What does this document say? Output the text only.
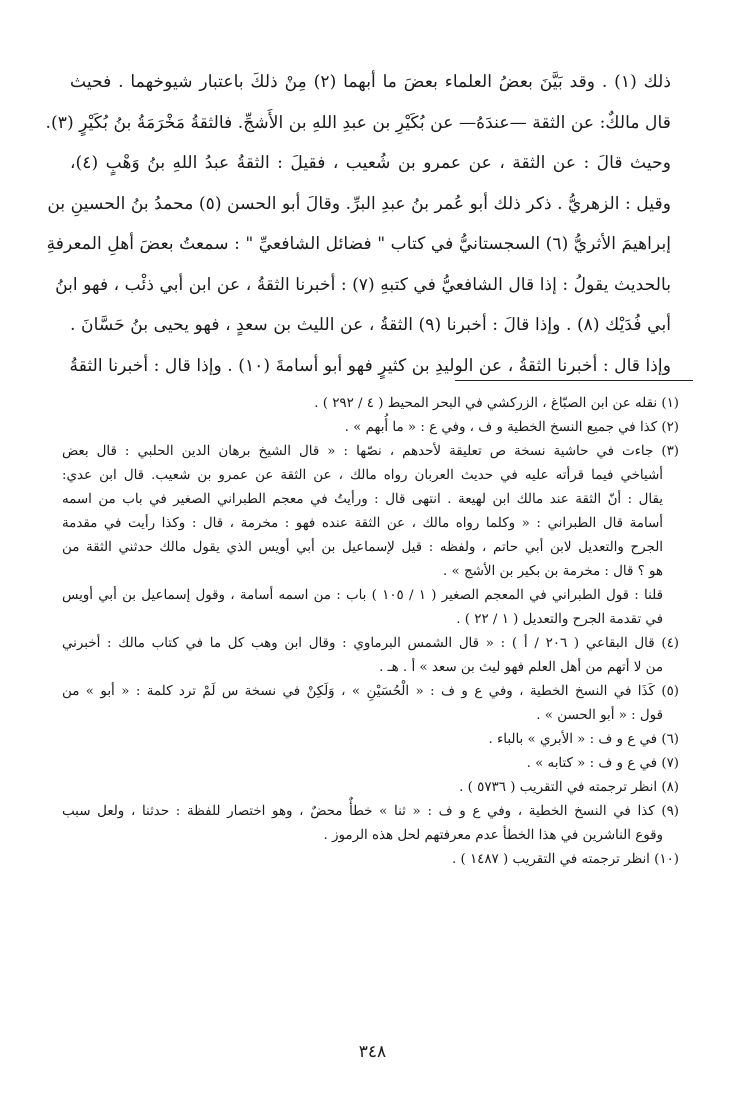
ذلك (١) . وقد بَيَّنَ بعضُ العلماء بعضَ ما أبهما (٢) مِنْ ذلكَ باعتبار شيوخهما . فحيث
قال مالكٌ: عن الثقة —عندَهُ— عن بُكَيْرِ بن عبدِ اللهِ بن الأَشجِّ. فالثقةُ مَخْرَمَةُ بنُ بُكَيْرٍ (٣).
وحيث قالَ : عن الثقة ، عن عمرو بن شُعيب ، فقيلَ : الثقةُ عبدُ اللهِ بنُ وَهْبٍ (٤)،
وقيل : الزهريُّ . ذكر ذلك أبو عُمر بنُ عبدِ البرِّ. وقالَ أبو الحسن (٥) محمدُ بنُ الحسينِ بن
إبراهيمَ الأثريُّ (٦) السجستانيُّ في كتاب " فضائل الشافعيِّ " : سمعتُ بعضَ أهلِ المعرفةِ
بالحديث يقولُ : إذا قال الشافعيُّ في كتبهِ (٧) : أخبرنا الثقةُ ، عن ابن أبي ذئْب ، فهو ابنُ
أبي فُدَيْك (٨) . وإذا قالَ : أخبرنا (٩) الثقةُ ، عن الليث بن سعدٍ ، فهو يحيى بنُ حَسَّانَ .
وإذا قال : أخبرنا الثقةُ ، عن الوليدِ بن كثيرٍ فهو أبو أسامةَ (١٠) . وإذا قال : أخبرنا الثقةُ
(١) نقله عن ابن الصبّاغ ، الزركشي في البحر المحيط ( ٤ / ٢٩٢ ) .
(٢) كذا في جميع النسخ الخطية و ف ، وفي ع : « ما أُبهم » .
(٣) جاءت في حاشية نسخة ص تعليقة لأحدهم ، نصّها : « قال الشيخ برهان الدين الحلبي : قال بعض
أشياخي فيما قرأته عليه في حديث العربان رواه مالك ، عن الثقة عن عمرو بن شعيب. قال ابن عدي:
يقال : أنّ الثقة عند مالك ابن لهيعة . انتهى قال : ورأيتُ في معجم الطبراني الصغير في باب من اسمه
أسامة قال الطبراني : « وكلما رواه مالك ، عن الثقة عنده فهو : مخرمة ، قال : وكذا رأيت في مقدمة
الجرح والتعديل لابن أبي حاتم ، ولفظه : قيل لإسماعيل بن أبي أويس الذي يقول مالك حدثني الثقة من
هو ؟ قال : مخرمة بن بكير بن الأشج » .
قلنا : قول الطبراني في المعجم الصغير ( ١ / ١٠٥ ) باب : من اسمه أسامة ، وقول إسماعيل بن أبي أويس
في تقدمة الجرح والتعديل ( ١ / ٢٢ ) .
(٤) قال البقاعي ( ٢٠٦ / أ ) : « قال الشمس البرماوي : وقال ابن وهب كل ما في كتاب مالك : أخبرني
من لا أتهم من أهل العلم فهو ليث بن سعد » أ . هـ .
(٥) كَذَا في النسخ الخطية ، وفي ع و ف : « الْحُسَيْنِ » ، وَلَكِنْ في نسخة س لَمْ ترد كلمة : « أبو » من
قول : « أبو الحسن » .
(٦) في ع و ف : « الأبري » بالباء .
(٧) في ع و ف : « كتابه » .
(٨) انظر ترجمته في التقريب ( ٥٧٣٦ ) .
(٩) كذا في النسخ الخطية ، وفي ع و ف : « ثنا » خطأٌ محضٌ ، وهو اختصار للفظة : حدثنا ، ولعل سبب
وقوع الناشرين في هذا الخطأ عدم معرفتهم لحل هذه الرموز .
(١٠) انظر ترجمته في التقريب ( ١٤٨٧ ) .
٣٤٨
